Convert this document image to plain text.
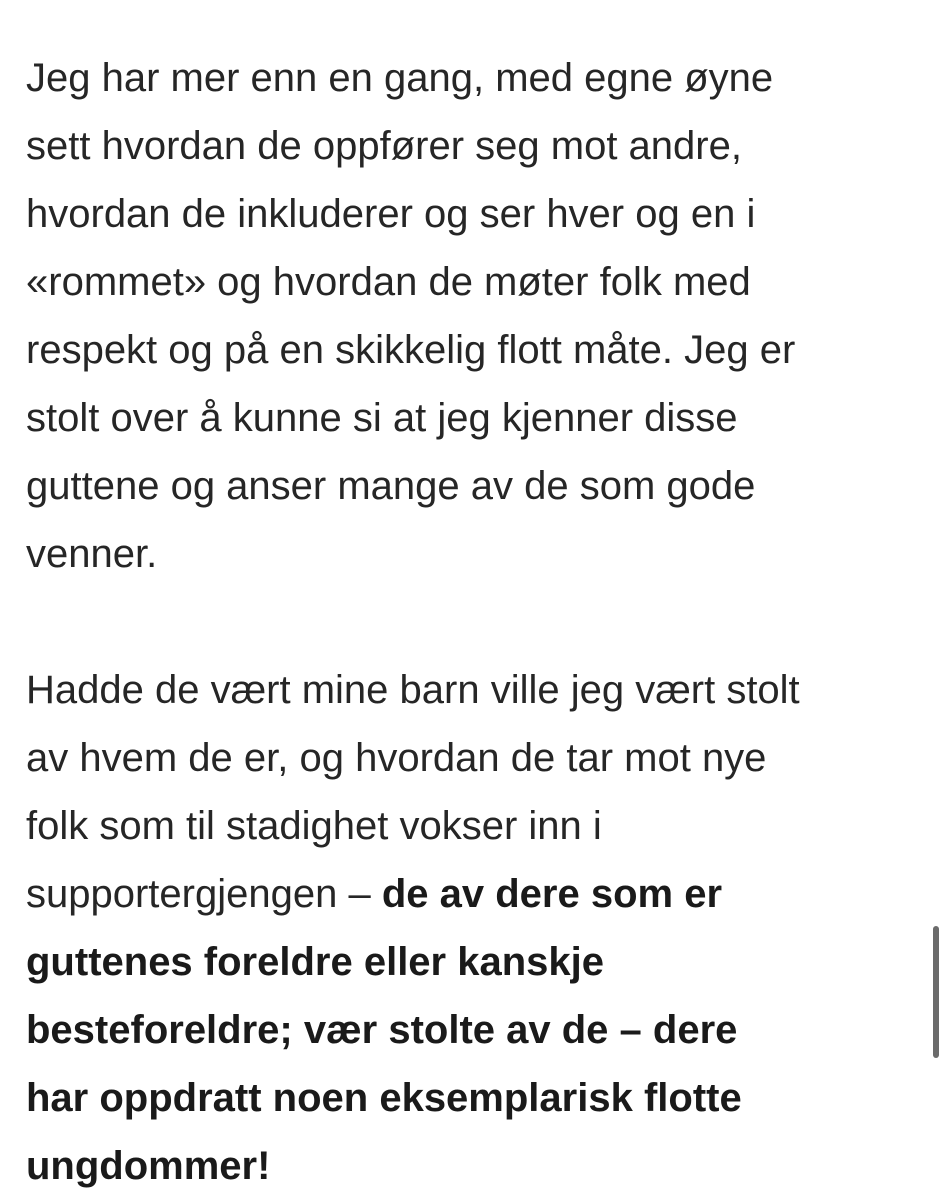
Jeg har mer enn en gang, med egne øyne
sett hvordan de oppfører seg mot andre,
hvordan de inkluderer og ser hver og en i
«rommet» og hvordan de møter folk med
respekt og på en skikkelig flott måte. Jeg er
stolt over å kunne si at jeg kjenner disse
guttene og anser mange av de som gode
venner.

Hadde de vært mine barn ville jeg vært stolt
av hvem de er, og hvordan de tar mot nye
folk som til stadighet vokser inn i
supportergjengen – de av dere som er
guttenes foreldre eller kanskje
besteforeldre; vær stolte av de – dere
har oppdratt noen eksemplarisk flotte
ungdommer!
